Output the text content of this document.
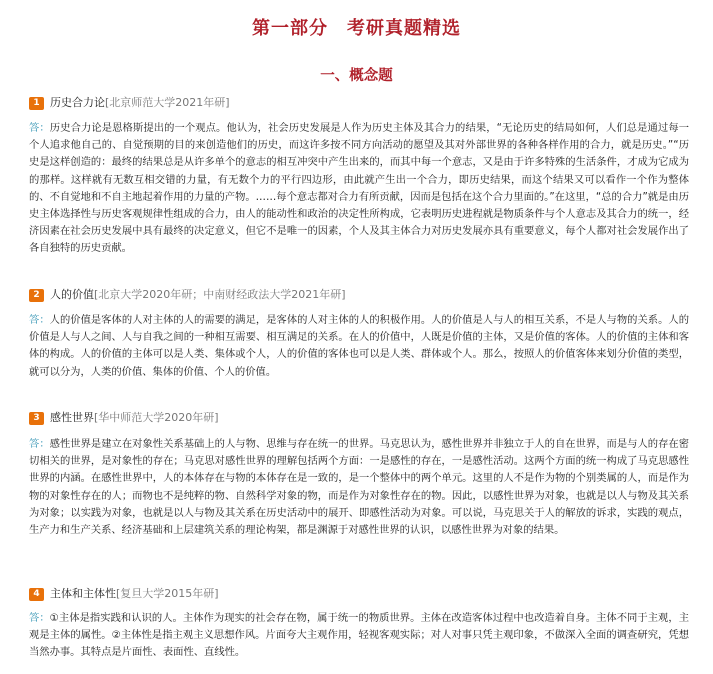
第一部分　考研真题精选
一、概念题
1 历史合力论 [北京师范大学2021年研]

答：历史合力论是恩格斯提出的一个观点。他认为，社会历史发展是人作为历史主体及其合力的结果，“无论历史的结局如何，人们总是通过每一个人追求他自己的、自觉预期的目的来创造他们的历史，而这许多按不同方向活动的愿望及其对外部世界的各种各样作用的合力，就是历史。”“历史是这样创造的：最终的结果总是从许多单个的意志的相互冲突中产生出来的，而其中每一个意志，又是由于许多特殊的生活条件，才成为它成为的那样。这样就有无数互相交错的力量，有无数个力的平行四边形，由此就产生出一个合力，即历史结果，而这个结果又可以看作一个作为整体的、不自觉地和不自主地起着作用的力量的产物。……每个意志都对合力有所贡献，因而是包括在这个合力里面的。”在这里，“总的合力”就是由历史主体选择性与历史客观规律性组成的合力，由人的能动性和政治的决定性所构成，它表明历史进程就是物质条件与个人意志及其合力的统一，经济因素在社会历史发展中具有最终的决定意义，但它不是唯一的因素，个人及其主体合力对历史发展亦具有重要意义，每个人都对社会发展作出了各自独特的历史贡献。

2 人的价值 [北京大学2020年研；中南财经政法大学2021年研]

答：人的价值是客体的人对主体的人的需要的满足，是客体的人对主体的人的积极作用。人的价值是人与人的相互关系，不是人与物的关系。人的价值是人与人之间、人与自我之间的一种相互需要、相互满足的关系。在人的价值中，人既是价值的主体，又是价值的客体。人的价值的主体和客体的构成。人的价值的主体可以是人类、集体或个人，人的价值的客体也可以是人类、群体或个人。那么，按照人的价值客体来划分价值的类型，就可以分为，人类的价值、集体的价值、个人的价值。

3 感性世界 [华中师范大学2020年研]

答：感性世界是建立在对象性关系基础上的人与物、思维与存在统一的世界。马克思认为，感性世界并非独立于人的自在世界，而是与人的存在密切相关的世界，是对象性的存在；马克思对感性世界的理解包括两个方面：一是感性的存在，一是感性活动。这两个方面的统一构成了马克思感性世界的内涵。在感性世界中，人的本体存在与物的本体存在是一致的，是一个整体中的两个单元。这里的人不是作为物的个别类属的人，而是作为物的对象性存在的人；而物也不是纯粹的物、自然科学对象的物，而是作为对象性存在的物。因此，以感性世界为对象，也就是以人与物及其关系为对象；以实践为对象，也就是以人与物及其关系在历史活动中的展开、即感性活动为对象。可以说，马克思关于人的解放的诉求，实践的观点，生产力和生产关系、经济基础和上层建筑关系的理论构架，都是渊源于对感性世界的认识，以感性世界为对象的结果。

4 主体和主体性 [复旦大学2015年研]

答：①主体是指实践和认识的人。主体作为现实的社会存在物，属于统一的物质世界。主体在改造客体过程中也改造着自身。主体不同于主观，主观是主体的属性。②主体性是指主观主义思想作风。片面夸大主观作用，轻视客观实际；对人对事只凭主观印象，不做深入全面的调查研究，凭想当然办事。其特点是片面性、表面性、直线性。
